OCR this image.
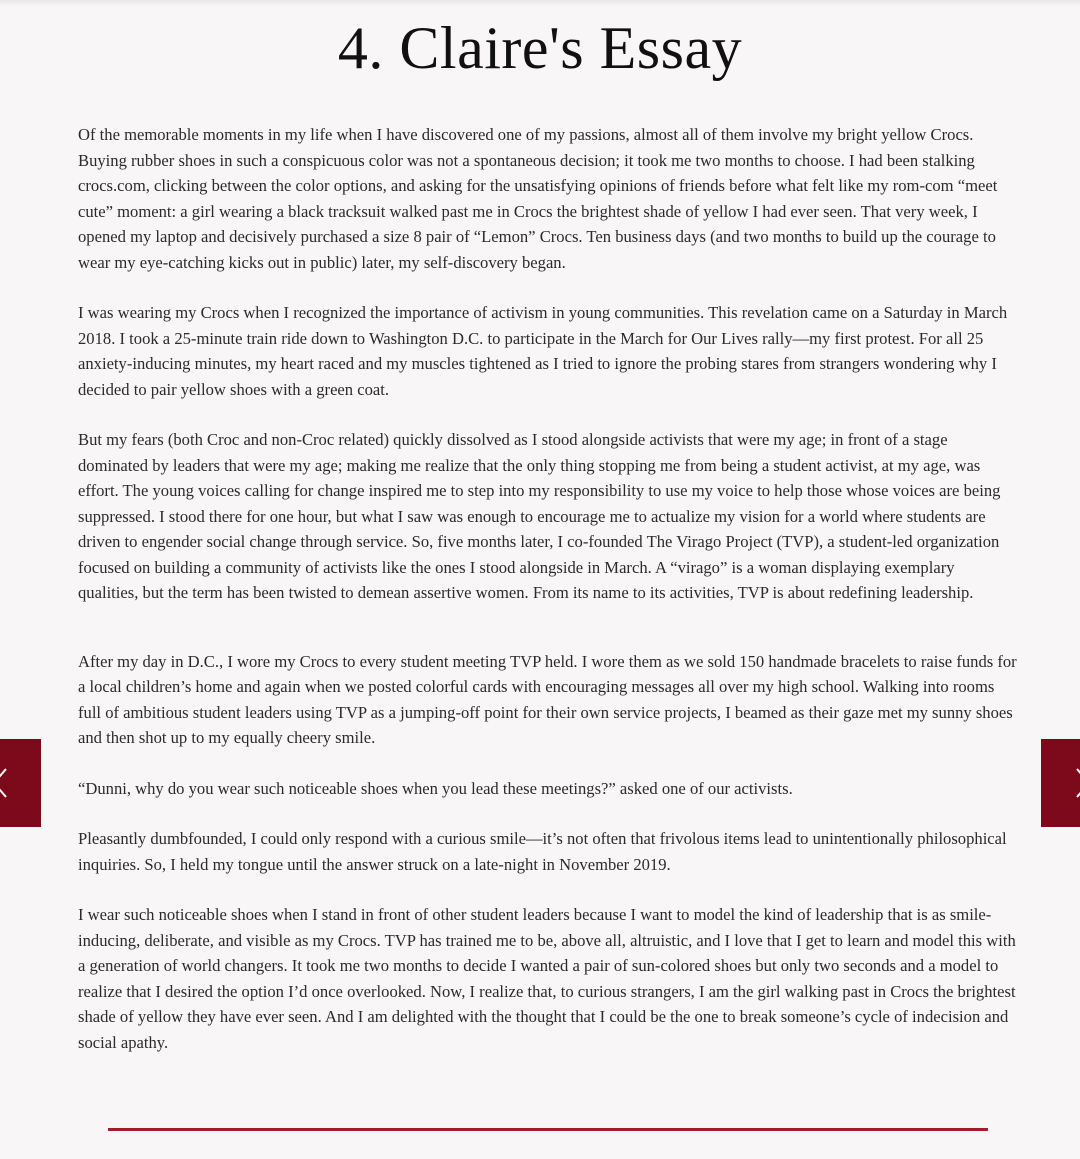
4. Claire's Essay

Of the memorable moments in my life when I have discovered one of my passions, almost all of them involve my bright yellow Crocs. Buying rubber shoes in such a conspicuous color was not a spontaneous decision; it took me two months to choose. I had been stalking crocs.com, clicking between the color options, and asking for the unsatisfying opinions of friends before what felt like my rom-com “meet cute” moment: a girl wearing a black tracksuit walked past me in Crocs the brightest shade of yellow I had ever seen. That very week, I opened my laptop and decisively purchased a size 8 pair of “Lemon” Crocs. Ten business days (and two months to build up the courage to wear my eye-catching kicks out in public) later, my self-discovery began.

I was wearing my Crocs when I recognized the importance of activism in young communities. This revelation came on a Saturday in March 2018. I took a 25-minute train ride down to Washington D.C. to participate in the March for Our Lives rally—my first protest. For all 25 anxiety-inducing minutes, my heart raced and my muscles tightened as I tried to ignore the probing stares from strangers wondering why I decided to pair yellow shoes with a green coat.

But my fears (both Croc and non-Croc related) quickly dissolved as I stood alongside activists that were my age; in front of a stage dominated by leaders that were my age; making me realize that the only thing stopping me from being a student activist, at my age, was effort. The young voices calling for change inspired me to step into my responsibility to use my voice to help those whose voices are being suppressed. I stood there for one hour, but what I saw was enough to encourage me to actualize my vision for a world where students are driven to engender social change through service. So, five months later, I co-founded The Virago Project (TVP), a student-led organization focused on building a community of activists like the ones I stood alongside in March. A “virago” is a woman displaying exemplary qualities, but the term has been twisted to demean assertive women. From its name to its activities, TVP is about redefining leadership.

After my day in D.C., I wore my Crocs to every student meeting TVP held. I wore them as we sold 150 handmade bracelets to raise funds for a local children’s home and again when we posted colorful cards with encouraging messages all over my high school. Walking into rooms full of ambitious student leaders using TVP as a jumping-off point for their own service projects, I beamed as their gaze met my sunny shoes and then shot up to my equally cheery smile.

“Dunni, why do you wear such noticeable shoes when you lead these meetings?” asked one of our activists.

Pleasantly dumbfounded, I could only respond with a curious smile—it’s not often that frivolous items lead to unintentionally philosophical inquiries. So, I held my tongue until the answer struck on a late-night in November 2019.

I wear such noticeable shoes when I stand in front of other student leaders because I want to model the kind of leadership that is as smile-inducing, deliberate, and visible as my Crocs. TVP has trained me to be, above all, altruistic, and I love that I get to learn and model this with a generation of world changers. It took me two months to decide I wanted a pair of sun-colored shoes but only two seconds and a model to realize that I desired the option I’d once overlooked. Now, I realize that, to curious strangers, I am the girl walking past in Crocs the brightest shade of yellow they have ever seen. And I am delighted with the thought that I could be the one to break someone’s cycle of indecision and social apathy.
